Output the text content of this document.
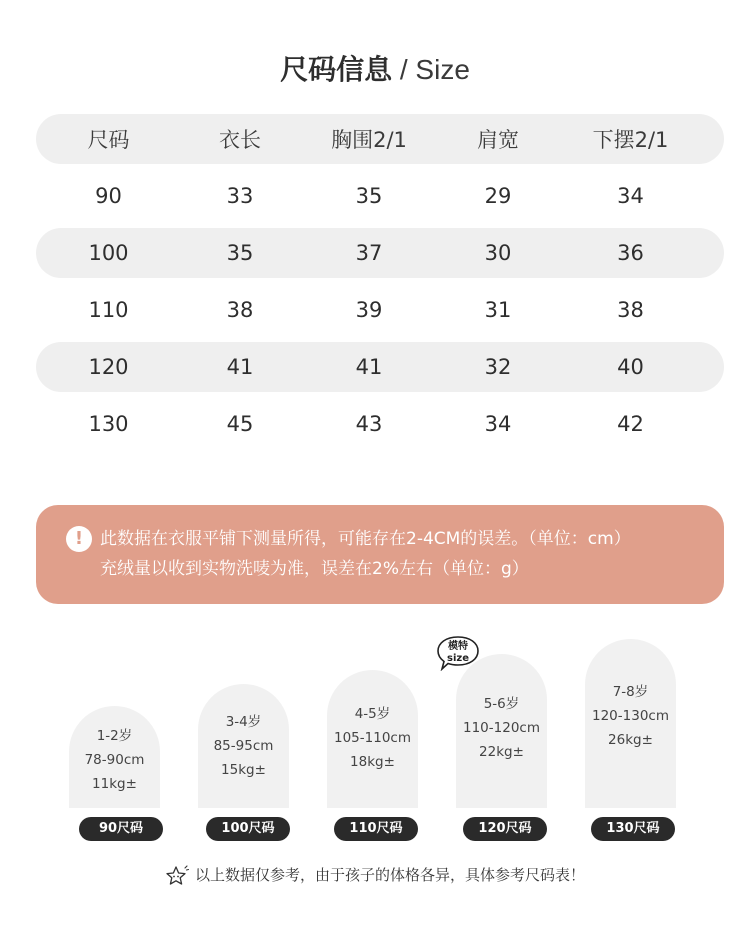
尺码信息 / Size
尺码	衣长	胸围2/1	肩宽	下摆2/1
90	33	35	29	34
100	35	37	30	36
110	38	39	31	38
120	41	41	32	40
130	45	43	34	42
! 此数据在衣服平铺下测量所得，可能存在2-4CM的误差。（单位：cm）
充绒量以收到实物洗唛为准，误差在2%左右（单位：g）
1-2岁
78-90cm
11kg±
90尺码
3-4岁
85-95cm
15kg±
100尺码
4-5岁
105-110cm
18kg±
110尺码
5-6岁
110-120cm
22kg±
120尺码
7-8岁
120-130cm
26kg±
130尺码
模特
size
以上数据仅参考，由于孩子的体格各异，具体参考尺码表！
